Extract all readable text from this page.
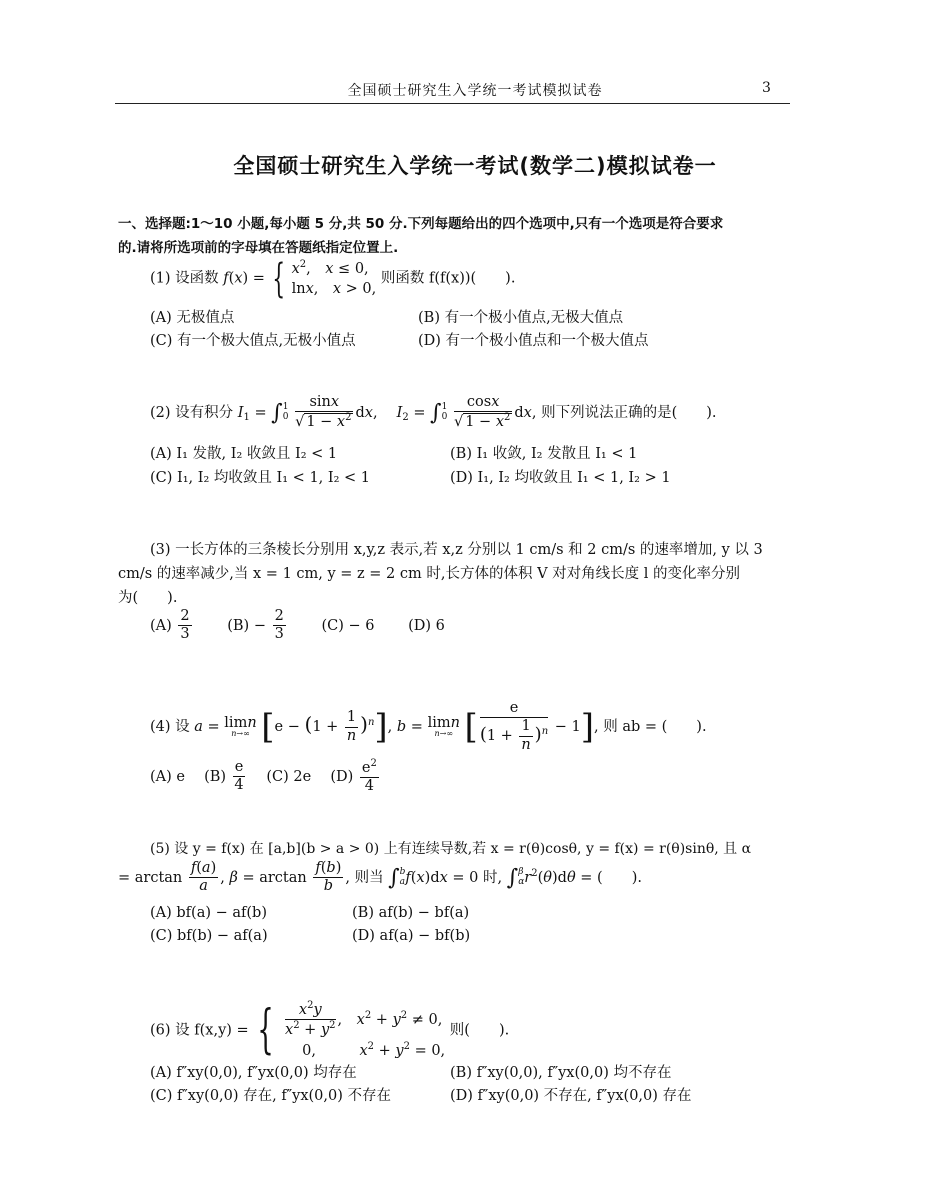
全国硕士研究生入学统一考试模拟试卷	3
全国硕士研究生入学统一考试(数学二)模拟试卷一
一、选择题:1～10 小题,每小题 5 分,共 50 分.下列每题给出的四个选项中,只有一个选项是符合要求
的.请将所选项前的字母填在答题纸指定位置上.
(1) 设函数 f(x) = { $x^2$,　x ≤ 0,
lnx,　x > 0,
则函数 f(f(x))(　　).
(A) 无极值点	(B) 有一个极小值点,无极大值点
(C) 有一个极大值点,无极小值点	(D) 有一个极小值点和一个极大值点
(2) 设有积分 $I_1$ = ∫ 1
0
$\frac{\sin x}{√ 1 - x^2}$ dx,　 $I_2$ = ∫ 1
0
$\frac{\cos x}{√ 1 - x^2}$ dx, 则下列说法正确的是(　　).
(A) I₁ 发散, I₂ 收敛且 I₂ < 1	(B) I₁ 收敛, I₂ 发散且 I₁ < 1
(C) I₁, I₂ 均收敛且 I₁ < 1, I₂ < 1	(D) I₁, I₂ 均收敛且 I₁ < 1, I₂ > 1
(3) 一长方体的三条棱长分别用 x,y,z 表示,若 x,z 分别以 1 cm/s 和 2 cm/s 的速率增加, y 以 3
cm/s 的速率减少,当 x = 1 cm, y = z = 2 cm 时,长方体的体积 V 对对角线长度 l 的变化率分别
为(　　).
$(A) \frac{2}{3}$ 　　$(B) - \frac{2}{3}$
　　 (C) − 6 　　 (D) 6
(4) 设 a = limn
n→∞ $[e - (1 + \frac{1}{n} )^n]$, b = limn
n→∞ [ $\frac{e}{(1 + \frac{1}{n} )^n} - 1$], 则 ab = (　　).
(A) e 　$(B) \frac{e}{4}$
　 (C) 2e 　$(D) \frac{e^2}{4}$
(5) 设 y = f(x) 在 [a,b](b > a > 0) 上有连续导数,若 x = r(θ)cosθ, y = f(x) = r(θ)sinθ, 且 α
= $\arctan \frac{f(a)}{a}$ , $\beta = \arctan \frac{f(b)}{b}$ , 则当 ∫ b
a f(x)dx = 0 时, ∫ β
α $r^2(\theta)d\theta$ = (　　).
(A) bf(a) − af(b)	(B) af(b) − bf(a)
(C) bf(b) − af(a)	(D) af(a) − bf(b)
(6) 设 f(x,y) = { $\frac{x^2y}{x^2 + y^2}$ ,　$x^2 + y^2 \ne 0$,
　 0,　　　$x^2 + y^2 = 0$,
则(　　).
(A) f″xy(0,0), f″yx(0,0) 均存在	(B) f″xy(0,0), f″yx(0,0) 均不存在
(C) f″xy(0,0) 存在, f″yx(0,0) 不存在	(D) f″xy(0,0) 不存在, f″yx(0,0) 存在
